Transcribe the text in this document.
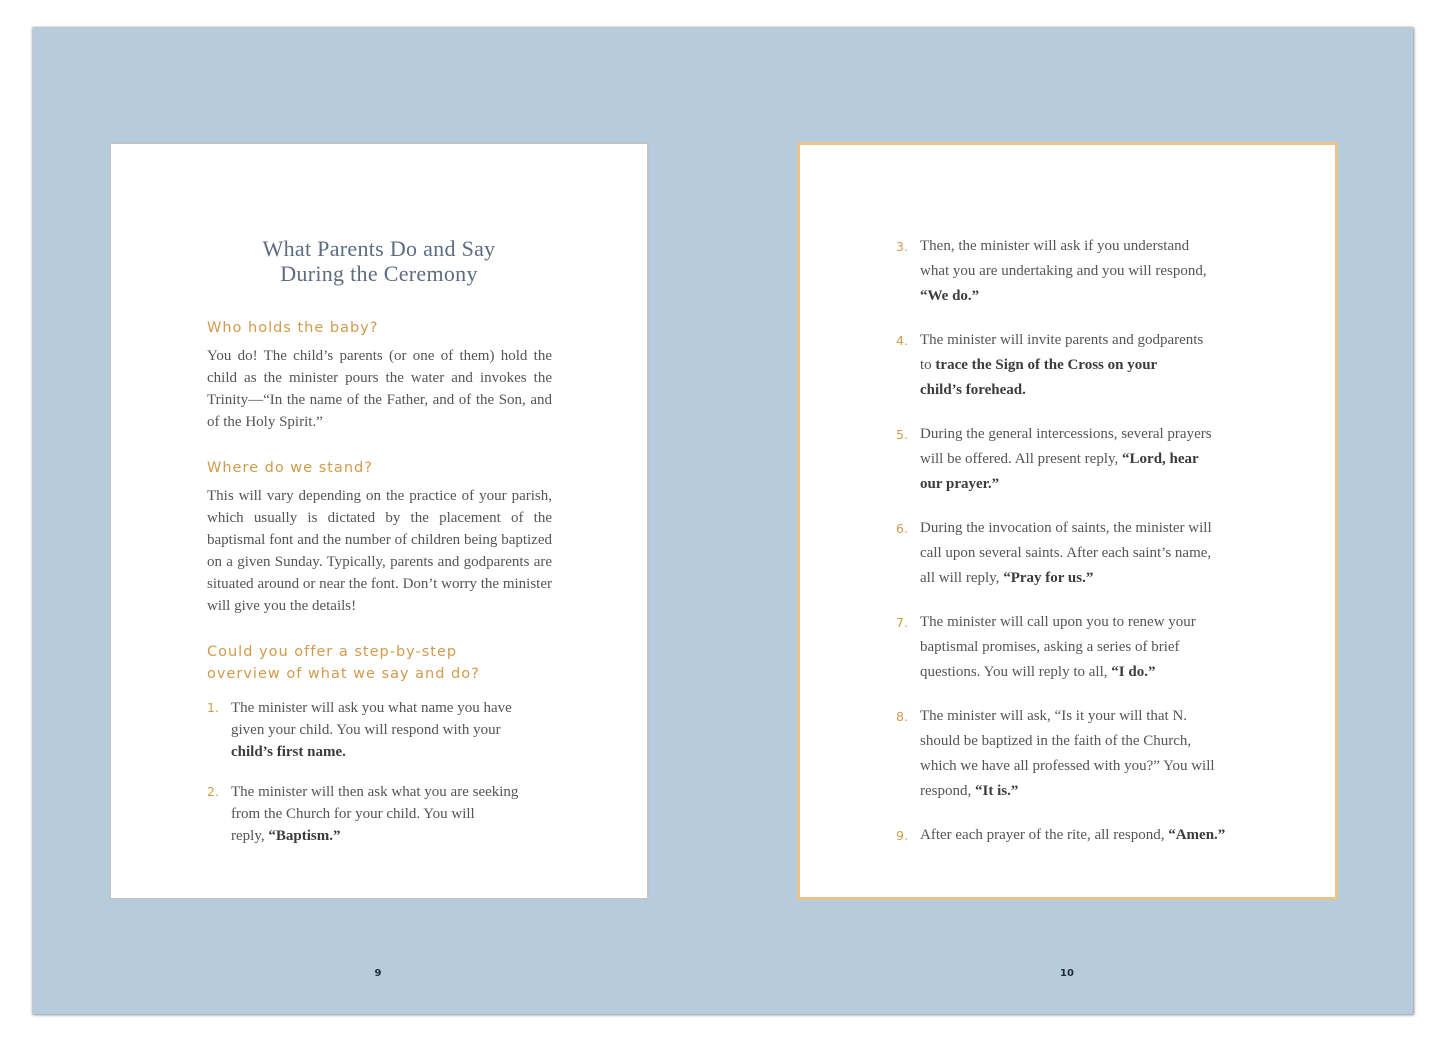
What Parents Do and Say
During the Ceremony
Who holds the baby?
You do! The child’s parents (or one of them) hold the child as the minister pours the water and invokes the Trinity—“In the name of the Father, and of the Son, and of the Holy Spirit.”
Where do we stand?
This will vary depending on the practice of your parish, which usually is dictated by the placement of the baptismal font and the number of children being baptized on a given Sunday. Typically, parents and godparents are situated around or near the font. Don’t worry the minister will give you the details!
Could you offer a step-by-step
overview of what we say and do?
1. The minister will ask you what name you have
given your child. You will respond with your
child’s first name.
2. The minister will then ask what you are seeking
from the Church for your child. You will
reply, “Baptism.”
3. Then, the minister will ask if you understand
what you are undertaking and you will respond,
“We do.”
4. The minister will invite parents and godparents
to trace the Sign of the Cross on your
child’s forehead.
5. During the general intercessions, several prayers
will be offered. All present reply, “Lord, hear
our prayer.”
6. During the invocation of saints, the minister will
call upon several saints. After each saint’s name,
all will reply, “Pray for us.”
7. The minister will call upon you to renew your
baptismal promises, asking a series of brief
questions. You will reply to all, “I do.”
8. The minister will ask, “Is it your will that N.
should be baptized in the faith of the Church,
which we have all professed with you?” You will
respond, “It is.”
9. After each prayer of the rite, all respond, “Amen.”
9	10
